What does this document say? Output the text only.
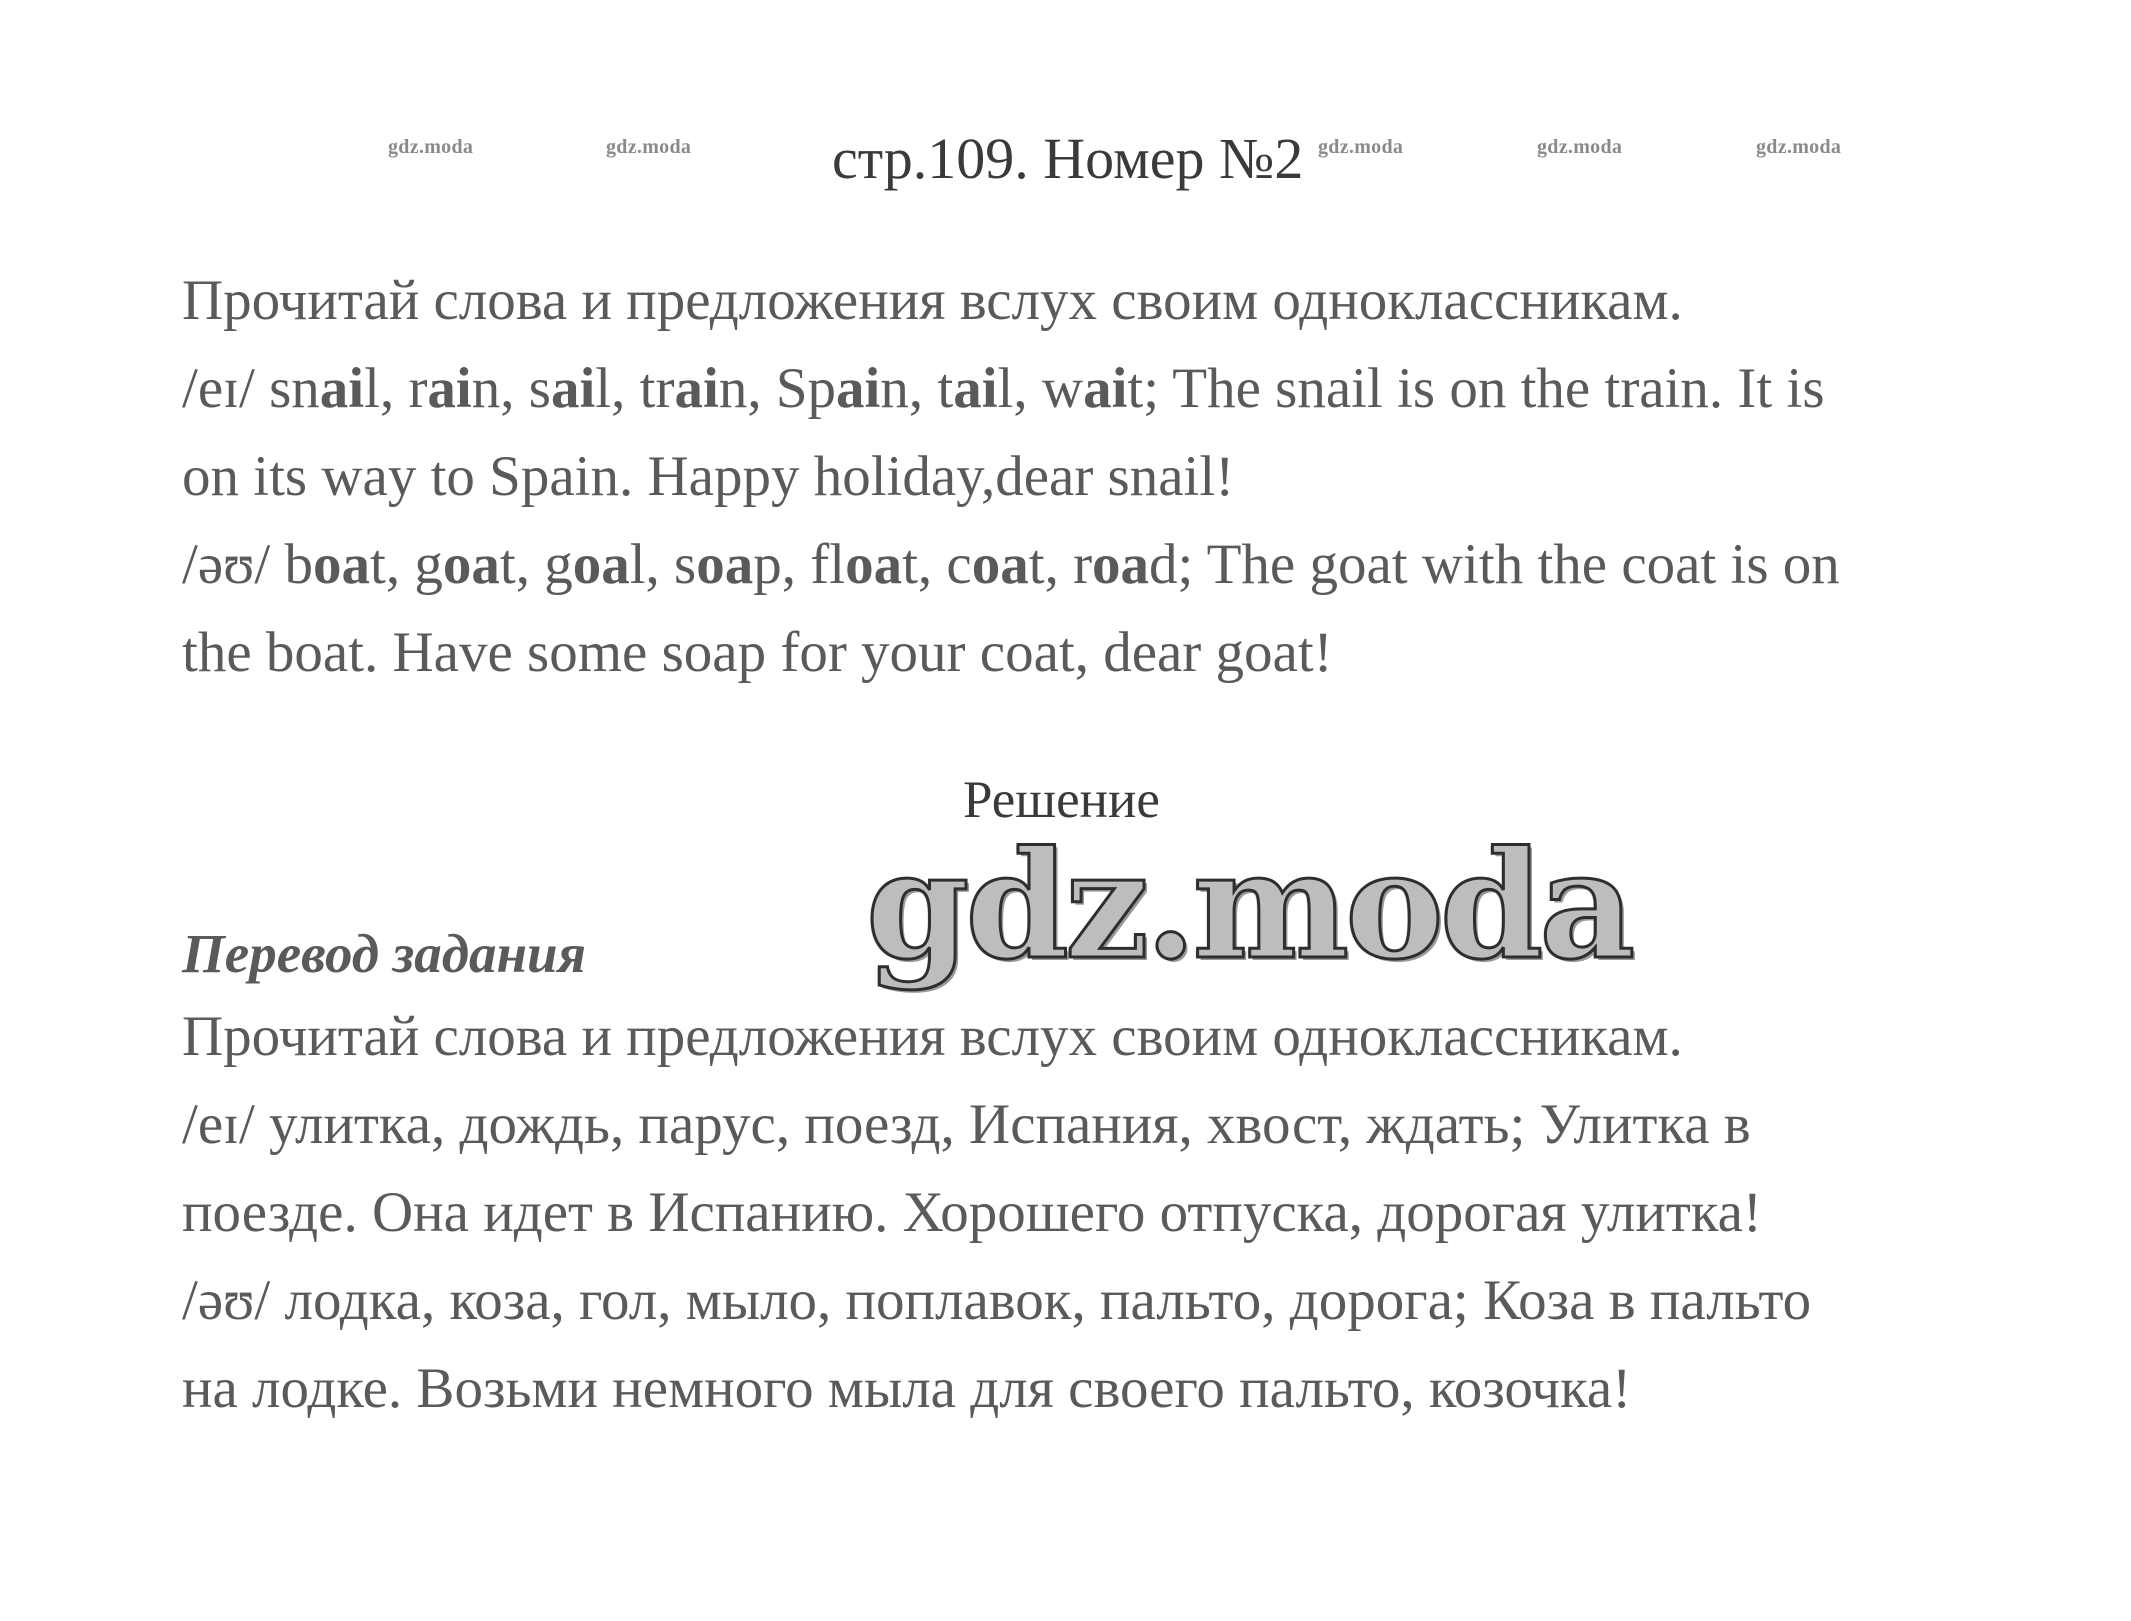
gdz.moda	gdz.moda	gdz.moda	gdz.moda	gdz.moda
стр.109. Номер №2
Прочитай слова и предложения вслух своим одноклассникам.
/eɪ/ snail, rain, sail, train, Spain, tail, wait; The snail is on the train. It is
on its way to Spain. Happy holiday,dear snail!
/əʊ/ boat, goat, goal, soap, float, coat, road; The goat with the coat is on
the boat. Have some soap for your coat, dear goat!
Решение
gdz.moda
Перевод задания
Прочитай слова и предложения вслух своим одноклассникам.
/eɪ/ улитка, дождь, парус, поезд, Испания, хвост, ждать; Улитка в
поезде. Она идет в Испанию. Хорошего отпуска, дорогая улитка!
/əʊ/ лодка, коза, гол, мыло, поплавок, пальто, дорога; Коза в пальто
на лодке. Возьми немного мыла для своего пальто, козочка!
